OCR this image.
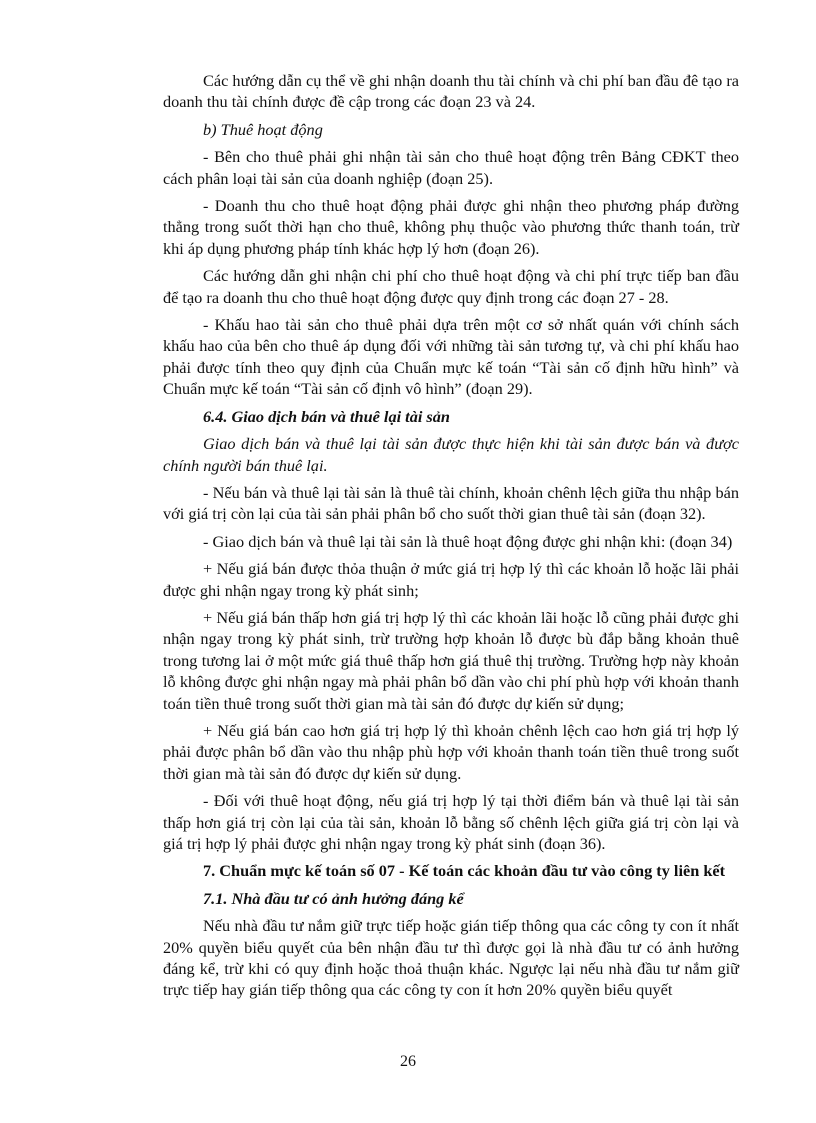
Các hướng dẫn cụ thể về ghi nhận doanh thu tài chính và chi phí ban đầu đê tạo ra doanh thu tài chính được đề cập trong các đoạn 23 và 24.

b) Thuê hoạt động

- Bên cho thuê phải ghi nhận tài sản cho thuê hoạt động trên Bảng CĐKT theo cách phân loại tài sản của doanh nghiệp (đoạn 25).

- Doanh thu cho thuê hoạt động phải được ghi nhận theo phương pháp đường thẳng trong suốt thời hạn cho thuê, không phụ thuộc vào phương thức thanh toán, trừ khi áp dụng phương pháp tính khác hợp lý hơn (đoạn 26).

Các hướng dẫn ghi nhận chi phí cho thuê hoạt động và chi phí trực tiếp ban đầu để tạo ra doanh thu cho thuê hoạt động được quy định trong các đoạn 27 - 28.

- Khấu hao tài sản cho thuê phải dựa trên một cơ sở nhất quán với chính sách khấu hao của bên cho thuê áp dụng đối với những tài sản tương tự, và chi phí khấu hao phải được tính theo quy định của Chuẩn mực kế toán “Tài sản cố định hữu hình” và Chuẩn mực kế toán “Tài sản cố định vô hình” (đoạn 29).

6.4. Giao dịch bán và thuê lại tài sản

Giao dịch bán và thuê lại tài sản được thực hiện khi tài sản được bán và được chính người bán thuê lại.

- Nếu bán và thuê lại tài sản là thuê tài chính, khoản chênh lệch giữa thu nhập bán với giá trị còn lại của tài sản phải phân bổ cho suốt thời gian thuê tài sản (đoạn 32).

- Giao dịch bán và thuê lại tài sản là thuê hoạt động được ghi nhận khi: (đoạn 34)

+ Nếu giá bán được thỏa thuận ở mức giá trị hợp lý thì các khoản lỗ hoặc lãi phải được ghi nhận ngay trong kỳ phát sinh;

+ Nếu giá bán thấp hơn giá trị hợp lý thì các khoản lãi hoặc lỗ cũng phải được ghi nhận ngay trong kỳ phát sinh, trừ trường hợp khoản lỗ được bù đắp bằng khoản thuê trong tương lai ở một mức giá thuê thấp hơn giá thuê thị trường. Trường hợp này khoản lỗ không được ghi nhận ngay mà phải phân bổ dần vào chi phí phù hợp với khoản thanh toán tiền thuê trong suốt thời gian mà tài sản đó được dự kiến sử dụng;

+ Nếu giá bán cao hơn giá trị hợp lý thì khoản chênh lệch cao hơn giá trị hợp lý phải được phân bổ dần vào thu nhập phù hợp với khoản thanh toán tiền thuê trong suốt thời gian mà tài sản đó được dự kiến sử dụng.

- Đối với thuê hoạt động, nếu giá trị hợp lý tại thời điểm bán và thuê lại tài sản thấp hơn giá trị còn lại của tài sản, khoản lỗ bằng số chênh lệch giữa giá trị còn lại và giá trị hợp lý phải được ghi nhận ngay trong kỳ phát sinh (đoạn 36).

7. Chuẩn mực kế toán số 07 - Kế toán các khoản đầu tư vào công ty liên kết

7.1. Nhà đầu tư có ảnh hưởng đáng kể

Nếu nhà đầu tư nắm giữ trực tiếp hoặc gián tiếp thông qua các công ty con ít nhất 20% quyền biểu quyết của bên nhận đầu tư thì được gọi là nhà đầu tư có ảnh hưởng đáng kể, trừ khi có quy định hoặc thoả thuận khác. Ngược lại nếu nhà đầu tư nắm giữ trực tiếp hay gián tiếp thông qua các công ty con ít hơn 20% quyền biểu quyết

26
